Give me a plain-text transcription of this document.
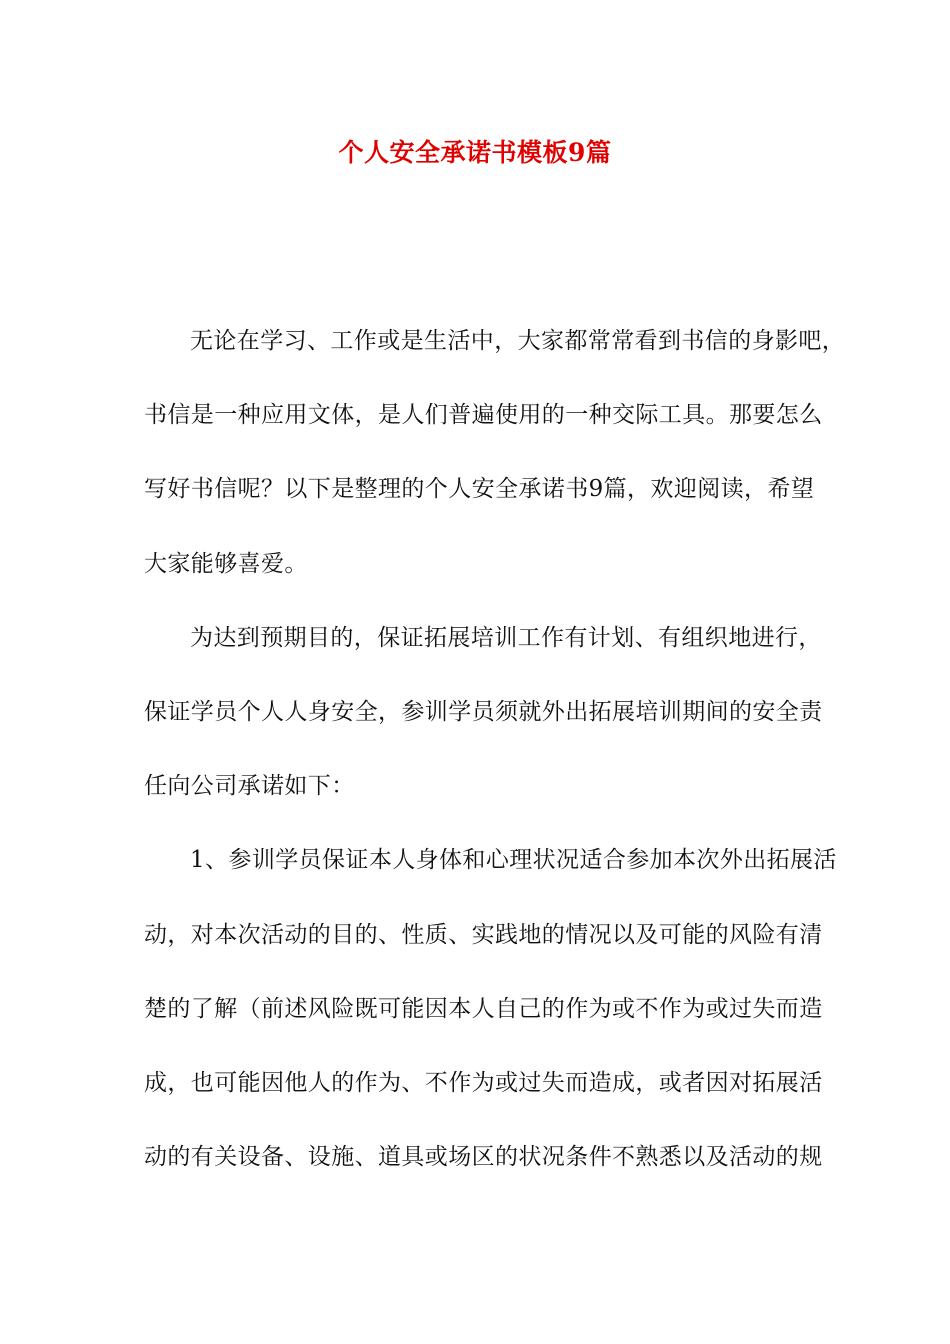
个人安全承诺书模板9篇
无论在学习、工作或是生活中，大家都常常看到书信的身影吧，
书信是一种应用文体，是人们普遍使用的一种交际工具。那要怎么
写好书信呢？以下是整理的个人安全承诺书9篇，欢迎阅读，希望
大家能够喜爱。
为达到预期目的，保证拓展培训工作有计划、有组织地进行，
保证学员个人人身安全，参训学员须就外出拓展培训期间的安全责
任向公司承诺如下：
1、参训学员保证本人身体和心理状况适合参加本次外出拓展活
动，对本次活动的目的、性质、实践地的情况以及可能的风险有清
楚的了解（前述风险既可能因本人自己的作为或不作为或过失而造
成，也可能因他人的作为、不作为或过失而造成，或者因对拓展活
动的有关设备、设施、道具或场区的状况条件不熟悉以及活动的规
